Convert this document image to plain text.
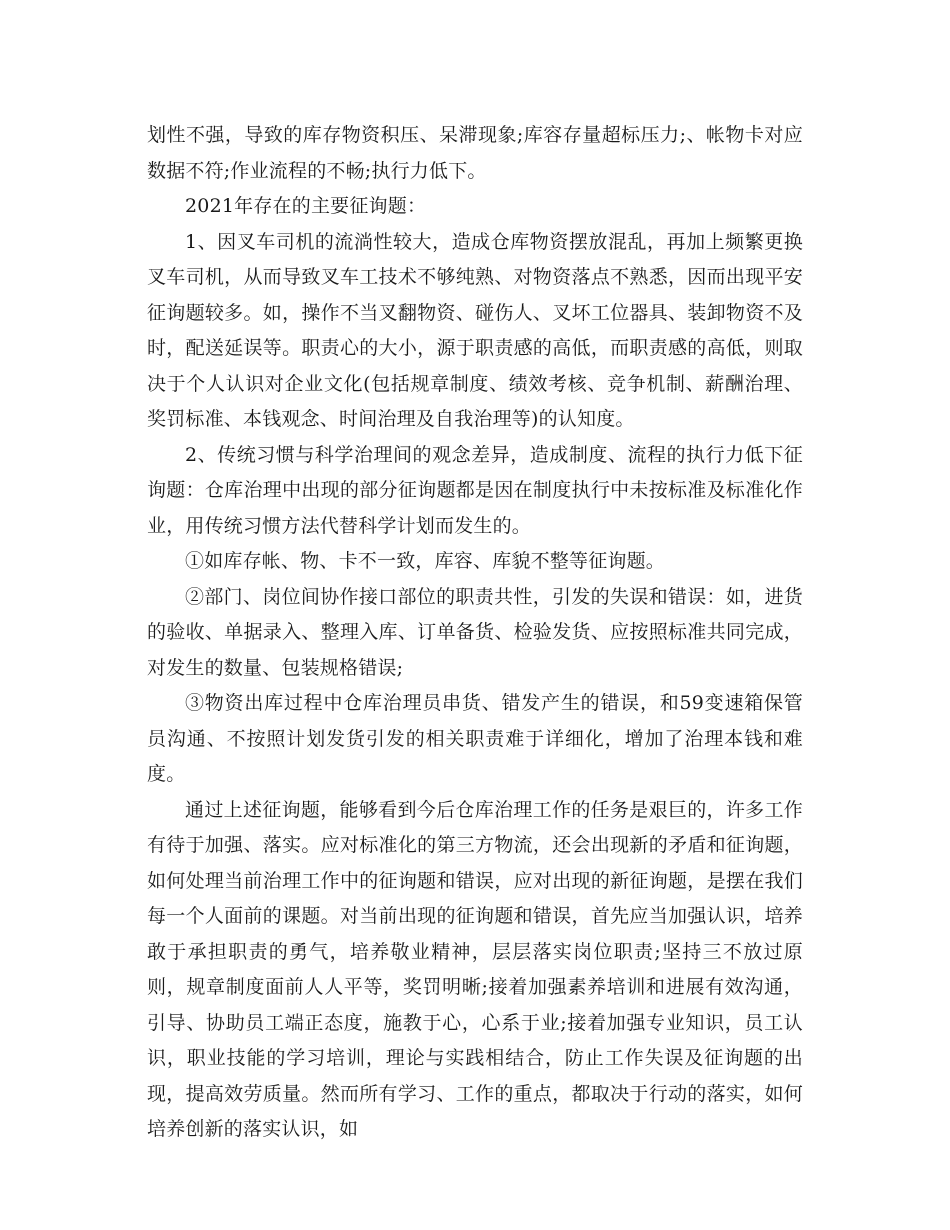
划性不强，导致的库存物资积压、呆滞现象;库容存量超标压力;、帐物卡对应数据不符;作业流程的不畅;执行力低下。

2021年存在的主要征询题：

1、因叉车司机的流淌性较大，造成仓库物资摆放混乱，再加上频繁更换叉车司机，从而导致叉车工技术不够纯熟、对物资落点不熟悉，因而出现平安征询题较多。如，操作不当叉翻物资、碰伤人、叉坏工位器具、装卸物资不及时，配送延误等。职责心的大小，源于职责感的高低，而职责感的高低，则取决于个人认识对企业文化(包括规章制度、绩效考核、竞争机制、薪酬治理、奖罚标准、本钱观念、时间治理及自我治理等)的认知度。

2、传统习惯与科学治理间的观念差异，造成制度、流程的执行力低下征询题：仓库治理中出现的部分征询题都是因在制度执行中未按标准及标准化作业，用传统习惯方法代替科学计划而发生的。

①如库存帐、物、卡不一致，库容、库貌不整等征询题。

②部门、岗位间协作接口部位的职责共性，引发的失误和错误：如，进货的验收、单据录入、整理入库、订单备货、检验发货、应按照标准共同完成，对发生的数量、包装规格错误;

③物资出库过程中仓库治理员串货、错发产生的错误，和59变速箱保管员沟通、不按照计划发货引发的相关职责难于详细化，增加了治理本钱和难度。

通过上述征询题，能够看到今后仓库治理工作的任务是艰巨的，许多工作有待于加强、落实。应对标准化的第三方物流，还会出现新的矛盾和征询题，如何处理当前治理工作中的征询题和错误，应对出现的新征询题，是摆在我们每一个人面前的课题。对当前出现的征询题和错误，首先应当加强认识，培养敢于承担职责的勇气，培养敬业精神，层层落实岗位职责;坚持三不放过原则，规章制度面前人人平等，奖罚明晰;接着加强素养培训和进展有效沟通，引导、协助员工端正态度，施教于心，心系于业;接着加强专业知识，员工认识，职业技能的学习培训，理论与实践相结合，防止工作失误及征询题的出现，提高效劳质量。然而所有学习、工作的重点，都取决于行动的落实，如何培养创新的落实认识，如
